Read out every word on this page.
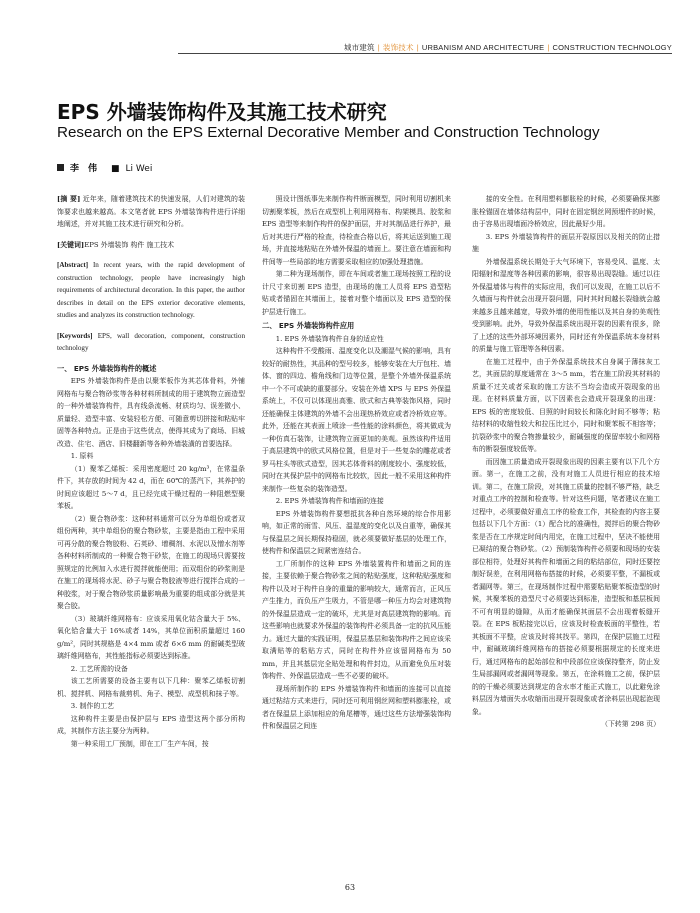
城市建筑 | 装饰技术 | URBANISM AND ARCHITECTURE | CONSTRUCTION TECHNOLOGY
EPS 外墙装饰构件及其施工技术研究
Research on the EPS External Decorative Member and Construction Technology
李　伟 ■ Li Wei

[摘 要] 近年来，随着建筑技术的快速发展，人们对建筑的装饰要求也越来越高。本文笔者就 EPS 外墙装饰构件进行详细地阐述，并对其施工技术进行研究和分析。

[关键词]EPS 外墙装饰 构件 施工技术

[Abstract] In recent years, with the rapid development of construction technology, people have increasingly high requirements of architectural decoration. In this paper, the author describes in detail on the EPS exterior decorative elements, studies and analyzes its construction technology.

[Keywords] EPS, wall decoration, component, construction technology

一、 EPS 外墙装饰构件的概述

EPS 外墙装饰构件是由以聚苯板作为其芯体骨料，外铺网格布与聚合物砂浆等各种材料所制成的用于建筑物立面造型的一种外墙装饰构件，具有线条流畅、材质均匀、误差微小、质量轻、造型丰富、安装轻松方便、可随意剪切拼接和粘贴牢固等各种特点。正是由于这些优点，使得其成为了商场、旧城改造、住宅、酒店、旧楼翻新等各种外墙装潢的首要选择。

1. 原料

（1）聚苯乙烯板：采用密度超过 20 kg/m³，在常温条件下，其存放的时间为 42 d，而在 60℃的蒸汽下，其养护的时间应该超过 5～7 d，且已经完成干燥过程的一种阻燃型聚苯板。

（2）聚合物砂浆：这种材料通常可以分为单组份或者双组份两种，其中单组份的聚合物砂浆，主要是指由工程中采用可再分散的聚合物胶粉、石英砂、增稠剂、水泥以及憎水剂等各种材料所制成的一种聚合物干砂浆，在施工的现场只需要按照规定的比例加入水进行搅拌就能使用；而双组份的砂浆则是在施工的现场将水泥、砂子与聚合物胶液等进行搅拌合成的一种胶浆，对于聚合物砂浆质量影响最为重要的组成部分就是其聚合胶。

（3）玻璃纤维网格布：应该采用氧化钴含量大于 5%、氧化铪含量大于 16%或者 14%，其单位面积质量超过 160 g/m²，同时其规格是 4×4 mm 或者 6×6 mm 的耐碱类型玻璃纤维网格布，其性能指标必须要达到标准。

2. 工艺所需的设备

该工艺所需要的设备主要有以下几种：聚苯乙烯板切割机、搅拌机、网格布裁剪机、角子、模型、成型机和抹子等。

3. 制作的工艺

这种构件主要是由保护层与 EPS 造型这两个部分所构成，其制作方法主要分为两种。

第一种采用工厂预制，即在工厂生产车间，按

照设计图纸事先来制作构件断面模型，同时利用切割机来切割聚苯板，然后在成型机上利用网格布、构架模具、胶浆和 EPS 造型等来制作构件的保护面层，并对其制品进行养护，最后对其进行严格的检查，待检查合格以后，将其运送到施工现场，并直接地粘贴在外墙外保温的墙面上。要注意在墙面和构件间等一些局部的地方需要采取相应的加强处理措施。

第二种为现场制作，即在车间或者施工现场按照工程的设计尺寸来切割 EPS 造型，由现场的施工人员将 EPS 造型粘贴或者锚固在其墙面上，接着对整个墙面以及 EPS 造型的保护层进行施工。

二、 EPS 外墙装饰构件应用

1. EPS 外墙装饰构件自身的适应性

这种构件不受酸雨、温度变化以及潮湿气候的影响，具有较好的耐热性，其品种的型号较多，能够安装在大厅包柱、墙体、窗的四边、檐角线和门边等位置，是整个外墙外保温系统中一个不可或缺的重要部分。安装在外墙 XPS 与 EPS 外保温系统上，不仅可以体现出高雅、欧式和古典等装饰风格，同时还能确保主体建筑的外墙不会出现热桥效应或者冷桥效应等。此外，还能在其表面上喷涂一些性能的涂料颜色，将其做成为一种仿真石装饰，让建筑物立面更加的美观。虽然该构件适用于高层建筑中的欧式风格位置，但是对于一些复杂的雕花或者罗马柱头等欧式造型，因其芯体骨料的刚度较小、强度较低，同时在其保护层中的网格布比较软，因此一般不采用这种构件来制作一些复杂的装饰造型。

2. EPS 外墙装饰构件和墙面的连接

EPS 外墙装饰构件要想抵抗各种自然环境的综合作用影响，如正常的雨雪、风压、温湿度的变化以及自重等，确保其与保温层之间长期保持稳固，就必须要做好基层的处理工作，使构件和保温层之间紧密连结合。

工厂所制作的这种 EPS 外墙装置构件和墙面之间的连接，主要依赖于聚合物砂浆之间的粘贴强度，这种粘贴强度和构件以及对于构件自身的重量的影响较大，通常而言，正风压产生推力，而负压产生吸力，不管是哪一种压力均会对建筑物的外保温层造成一定的破坏，尤其是对高层建筑物的影响。而这些影响也就要求外保温的装饰构件必须具备一定的抗风压能力。通过大量的实践证明，保温层基层和装饰构件之间应该采取满贴等的粘贴方式，同时在构件外应该留网格布为 50 mm，并且其基层完全贴处理和构件封边，从而避免负压对装饰构件、外保温层造成一些不必要的破坏。

现场所制作的 EPS 外墙装饰构件和墙面的连接可以直接通过粘结方式来进行，同时还可利用钢丝网和塑料膨胀栓，或者在保温层上添加相应的角尾槽等，通过这些方法增强装饰构件和保温层之间连

接的安全性。在利用塑料膨胀栓的时候，必须要确保其膨胀栓锚固在墙体结构层中，同时在固定钢丝网预埋件的时候，由于容易出现墙面冷桥效应，因此最好少用。

3. EPS 外墙装饰构件的面层开裂原因以及相关的防止措施

外墙保温系统长期处于大气环境下，容易受风、温度、太阳辐射和湿度等各种因素的影响，很容易出现裂缝。通过以往外保温墙体与构件的实际应用，我们可以发现，在施工以后不久墙面与构件就会出现开裂问题，同时其时间越长裂缝就会越来越多且越来越宽，导致外墙的使用性能以及其自身的美观性受到影响。此外，导致外保温系统出现开裂的因素有很多，除了上述的这些外部环境因素外，同时还有外保温系统本身材料的质量与施工管理等各种因素。

在施工过程中，由于外保温系统技术自身属于薄抹灰工艺，其面层的厚度通常在 3～5 mm，若在施工阶段其材料的质量不过关或者采取的施工方法不当均会造成开裂现象的出现。在材料质量方面，以下因素也会造成开裂现象的出现：EPS 板的密度较低、目照的时间较长和陈化时间不够等；粘结材料的收缩性较大和拉压比过小，同时和聚苯板不相容等；抗裂砂浆中的聚合物掺量较少，耐碱强度的保留率较小和网格布的断裂强度较低等。

而因施工质量造成开裂现象出现的因素主要有以下几个方面。第一，在施工之前，没有对施工人员进行相应的技术培训。第二，在施工阶段，对其施工质量的控制不够严格，缺乏对重点工序的控制和检查等。针对这些问题，笔者建议在施工过程中，必须要做好重点工序的检查工作，其检查的内容主要包括以下几个方面：（1）配合比的准确性，搅拌后的聚合物砂浆是否在工序规定时间内用完，在施工过程中，坚决不能使用已凝结的聚合物砂浆。（2）预制装饰构件必须要和现场的安装部位相符，处理好其构件和墙面之间的粘结部位，同时还要控制好误差，在利用网格布搭接的时候，必须要平整，不漏板或者漏网等。第三，在现场制作过程中需要粘贴聚苯板造型的时候，其聚苯板的造型尺寸必须要达到标准，造型板和基层板间不可有明显的缝隙，从而才能确保其面层不会出现着板缝开裂。在 EPS 板粘接完以后，应该及时检查板面的平整性，若其板面不平整，应该及时将其找平。第四，在保护层施工过程中，耐碱玻璃纤维网格布的搭接必须要根据规定的长度来进行，通过网格布的起始部位和中段部位应该保持整齐，防止发生局部漏网或者漏网等现象。第五，在涂料施工之前，保护层的的干燥必须要达到规定的含水率才能正式施工，以此避免涂料层因为墙面失水收缩而出现开裂现象或者涂料层出现起泡现象。

（下转第 298 页）

63
